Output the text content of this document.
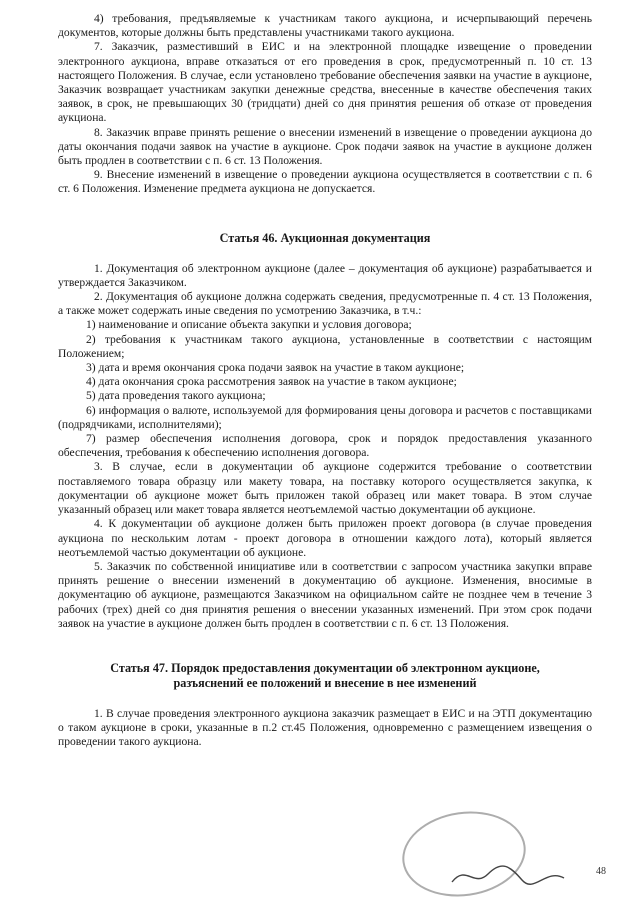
4) требования, предъявляемые к участникам такого аукциона, и исчерпывающий перечень документов, которые должны быть представлены участниками такого аукциона.

7. Заказчик, разместивший в ЕИС и на электронной площадке извещение о проведении электронного аукциона, вправе отказаться от его проведения в срок, предусмотренный п. 10 ст. 13 настоящего Положения. В случае, если установлено требование обеспечения заявки на участие в аукционе, Заказчик возвращает участникам закупки денежные средства, внесенные в качестве обеспечения таких заявок, в срок, не превышающих 30 (тридцати) дней со дня принятия решения об отказе от проведения аукциона.

8. Заказчик вправе принять решение о внесении изменений в извещение о проведении аукциона до даты окончания подачи заявок на участие в аукционе. Срок подачи заявок на участие в аукционе должен быть продлен в соответствии с п. 6 ст. 13 Положения.

9. Внесение изменений в извещение о проведении аукциона осуществляется в соответствии с п. 6 ст. 6 Положения. Изменение предмета аукциона не допускается.

Статья 46. Аукционная документация

1. Документация об электронном аукционе (далее – документация об аукционе) разрабатывается и утверждается Заказчиком.

2. Документация об аукционе должна содержать сведения, предусмотренные п. 4 ст. 13 Положения, а также может содержать иные сведения по усмотрению Заказчика, в т.ч.:

1) наименование и описание объекта закупки и условия договора;

2) требования к участникам такого аукциона, установленные в соответствии с настоящим Положением;

3) дата и время окончания срока подачи заявок на участие в таком аукционе;

4) дата окончания срока рассмотрения заявок на участие в таком аукционе;

5) дата проведения такого аукциона;

6) информация о валюте, используемой для формирования цены договора и расчетов с поставщиками (подрядчиками, исполнителями);

7) размер обеспечения исполнения договора, срок и порядок предоставления указанного обеспечения, требования к обеспечению исполнения договора.

3. В случае, если в документации об аукционе содержится требование о соответствии поставляемого товара образцу или макету товара, на поставку которого осуществляется закупка, к документации об аукционе может быть приложен такой образец или макет товара. В этом случае указанный образец или макет товара является неотъемлемой частью документации об аукционе.

4. К документации об аукционе должен быть приложен проект договора (в случае проведения аукциона по нескольким лотам - проект договора в отношении каждого лота), который является неотъемлемой частью документации об аукционе.

5. Заказчик по собственной инициативе или в соответствии с запросом участника закупки вправе принять решение о внесении изменений в документацию об аукционе. Изменения, вносимые в документацию об аукционе, размещаются Заказчиком на официальном сайте не позднее чем в течение 3 рабочих (трех) дней со дня принятия решения о внесении указанных изменений. При этом срок подачи заявок на участие в аукционе должен быть продлен в соответствии с п. 6 ст. 13 Положения.

Статья 47. Порядок предоставления документации об электронном аукционе,

разъяснений ее положений и внесение в нее изменений

1. В случае проведения электронного аукциона заказчик размещает в ЕИС и на ЭТП документацию о таком аукционе в сроки, указанные в п.2 ст.45 Положения, одновременно с размещением извещения о проведении такого аукциона.

48
